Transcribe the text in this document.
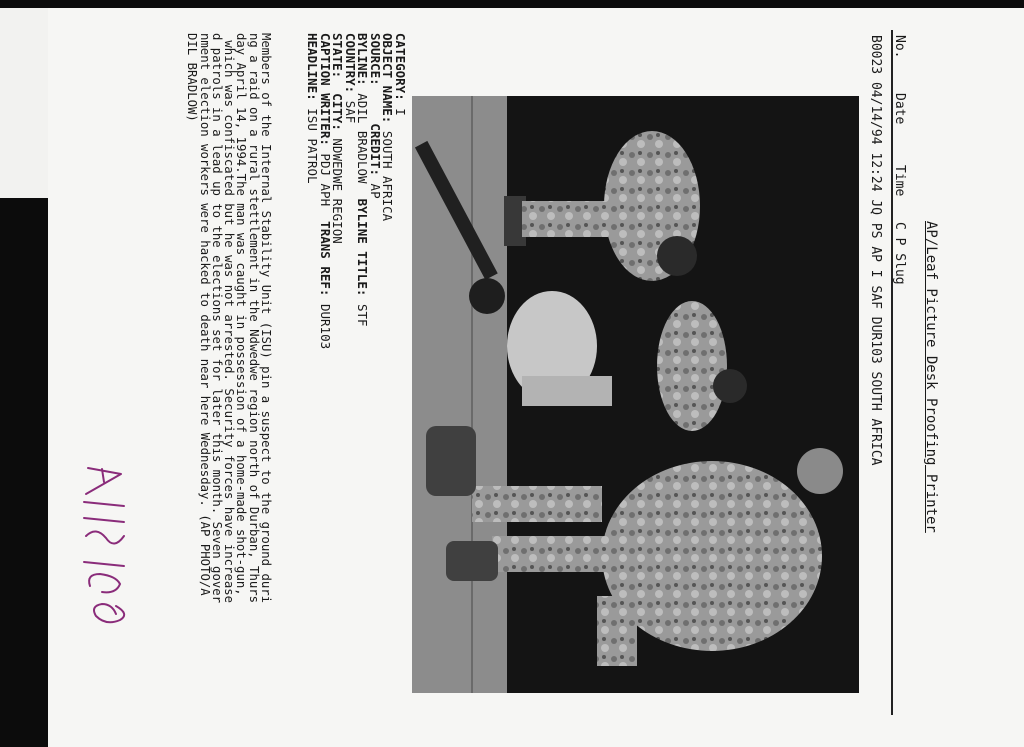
AP/Leaf Picture Desk Proofing Printer
No.
Date
Time
C P Slug
B0023 04/14/94 12:24 JQ PS AP I SAF DUR103 SOUTH AFRICA
CATEGORY: I
OBJECT NAME: SOUTH AFRICA
SOURCE:     CREDIT: AP
BYLINE: ADIL BRADLOW  BYLINE TITLE: STF
COUNTRY: SAF
STATE:  CITY: NDWEDWE REGION
CAPTION WRITER: PDJ APH  TRANS REF: DUR103
HEADLINE: ISU PATROL
Members of the Internal Stability Unit (ISU) pin a suspect to the ground duri
ng a raid on a rural stettlement in the Ndwedwe region north of Durban, Thurs
day April 14, 1994.The man was caught in possession of a home-made shot-gun,
which was confiscated but he was not arrested. Security forces have increase
d patrols in a lead up to the elections set for later this month. Seven gover
nment election workers were hacked to death near here Wednesday. (AP PHOTO/A
DIL BRADLOW)
